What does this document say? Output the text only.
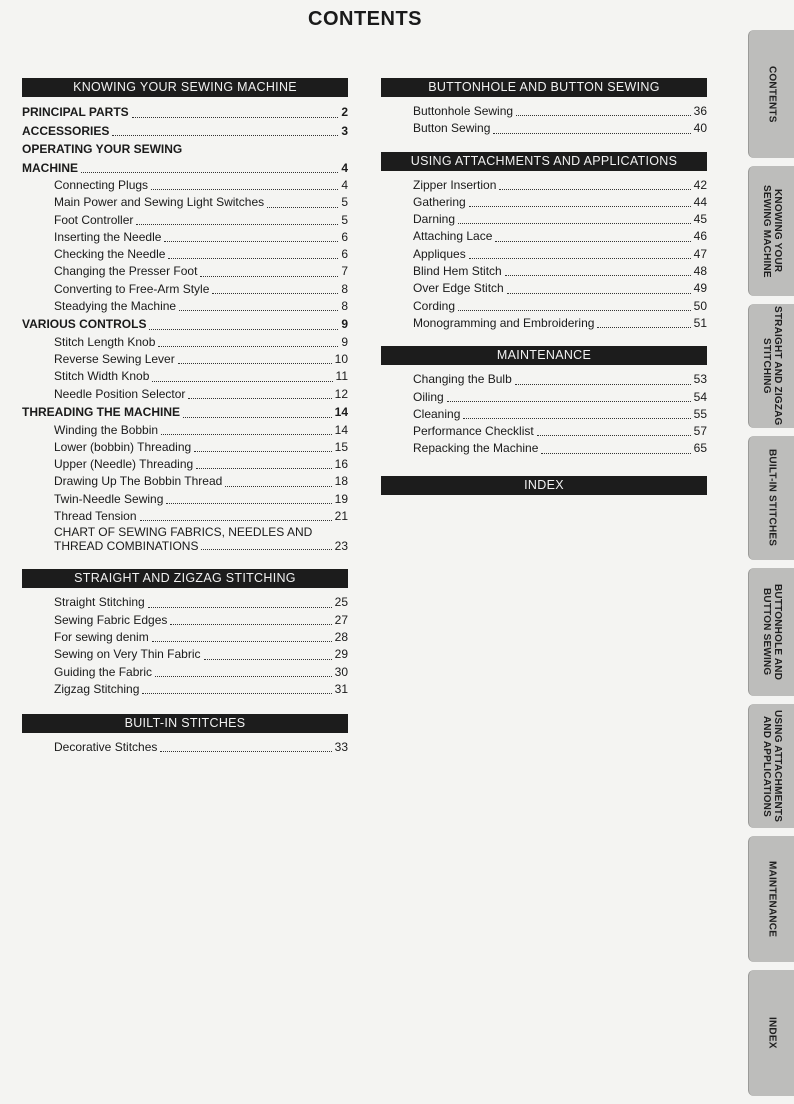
CONTENTS
KNOWING YOUR SEWING MACHINE
PRINCIPAL PARTS	2
ACCESSORIES	3
OPERATING YOUR SEWING
MACHINE	4
Connecting Plugs	4
Main Power and Sewing Light Switches	5
Foot Controller	5
Inserting the Needle	6
Checking the Needle	6
Changing the Presser Foot	7
Converting to Free-Arm Style	8
Steadying the Machine	8
VARIOUS CONTROLS	9
Stitch Length Knob	9
Reverse Sewing Lever	10
Stitch Width Knob	11
Needle Position Selector	12
THREADING THE MACHINE	14
Winding the Bobbin	14
Lower (bobbin) Threading	15
Upper (Needle) Threading	16
Drawing Up The Bobbin Thread	18
Twin-Needle Sewing	19
Thread Tension	21
CHART OF SEWING FABRICS, NEEDLES AND
THREAD COMBINATIONS	23
STRAIGHT AND ZIGZAG STITCHING
Straight Stitching	25
Sewing Fabric Edges	27
For sewing denim	28
Sewing on Very Thin Fabric	29
Guiding the Fabric	30
Zigzag Stitching	31
BUILT-IN STITCHES
Decorative Stitches	33
BUTTONHOLE AND BUTTON SEWING
Buttonhole Sewing	36
Button Sewing	40
USING ATTACHMENTS AND APPLICATIONS
Zipper Insertion	42
Gathering	44
Darning	45
Attaching Lace	46
Appliques	47
Blind Hem Stitch	48
Over Edge Stitch	49
Cording	50
Monogramming and Embroidering	51
MAINTENANCE
Changing the Bulb	53
Oiling	54
Cleaning	55
Performance Checklist	57
Repacking the Machine	65
INDEX
CONTENTS
KNOWING YOUR
SEWING MACHINE
STRAIGHT AND ZIGZAG
STITCHING
BUILT-IN STITCHES
BUTTONHOLE AND
BUTTON SEWING
USING ATTACHMENTS
AND APPLICATIONS
MAINTENANCE
INDEX
